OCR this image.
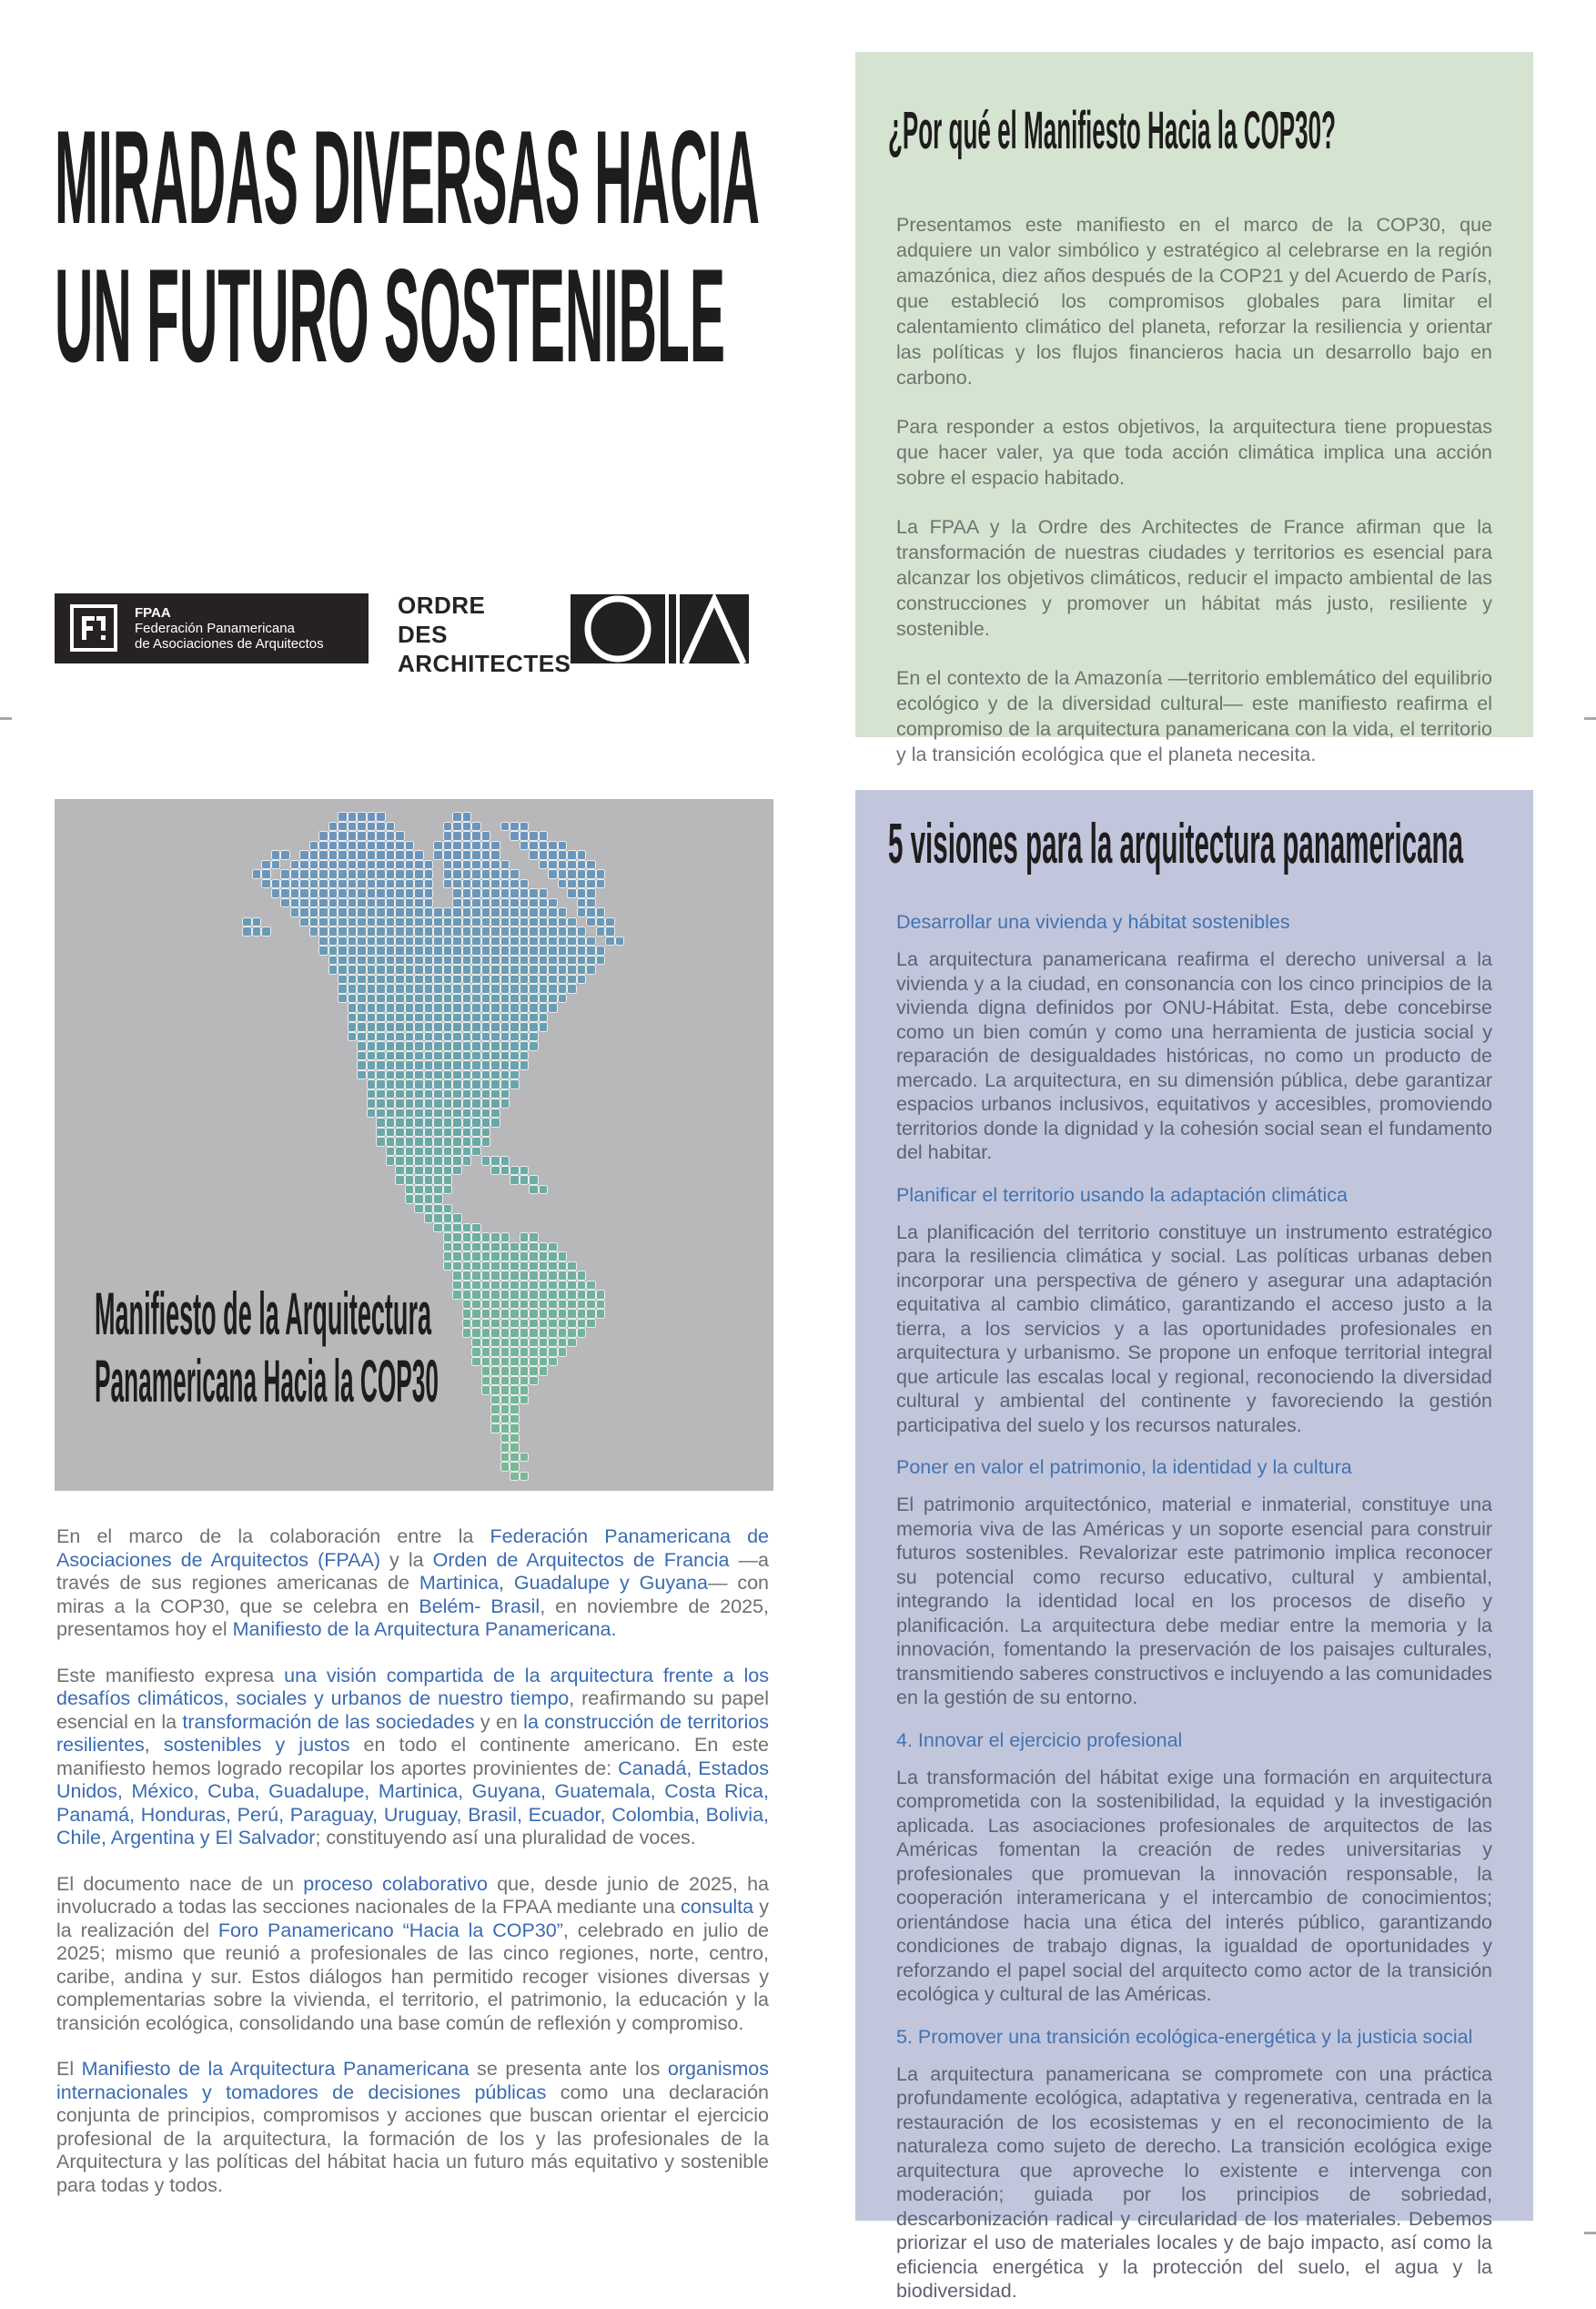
MIRADAS DIVERSAS HACIA
UN FUTURO SOSTENIBLE
FPAA
Federación Panamericana
de Asociaciones de Arquitectos
ORDRE
DES
ARCHITECTES
¿Por qué el Manifiesto Hacia la COP30?

Presentamos este manifiesto en el marco de la COP30, que adquiere un valor simbólico y estratégico al celebrarse en la región amazónica, diez años después de la COP21 y del Acuerdo de París, que estableció los compromisos globales para limitar el calentamiento climático del planeta, reforzar la resiliencia y orientar las políticas y los flujos financieros hacia un desarrollo bajo en carbono.

Para responder a estos objetivos, la arquitectura tiene propuestas que hacer valer, ya que toda acción climática implica una acción sobre el espacio habitado.

La FPAA y la Ordre des Architectes de France afirman que la transformación de nuestras ciudades y territorios es esencial para alcanzar los objetivos climáticos, reducir el impacto ambiental de las construcciones y promover un hábitat más justo, resiliente y sostenible.

En el contexto de la Amazonía —territorio emblemático del equilibrio ecológico y de la diversidad cultural— este manifiesto reafirma el compromiso de la arquitectura panamericana con la vida, el territorio y la transición ecológica que el planeta necesita.

Manifiesto de la Arquitectura
Panamericana Hacia la COP30
5 visiones para la arquitectura panamericana
Desarrollar una vivienda y hábitat sostenibles

La arquitectura panamericana reafirma el derecho universal a la vivienda y a la ciudad, en consonancia con los cinco principios de la vivienda digna definidos por ONU-Hábitat. Esta, debe concebirse como un bien común y como una herramienta de justicia social y reparación de desigualdades históricas, no como un producto de mercado. La arquitectura, en su dimensión pública, debe garantizar espacios urbanos inclusivos, equitativos y accesibles, promoviendo territorios donde la dignidad y la cohesión social sean el fundamento del habitar.

Planificar el territorio usando la adaptación climática

La planificación del territorio constituye un instrumento estratégico para la resiliencia climática y social. Las políticas urbanas deben incorporar una perspectiva de género y asegurar una adaptación equitativa al cambio climático, garantizando el acceso justo a la tierra, a los servicios y a las oportunidades profesionales en arquitectura y urbanismo. Se propone un enfoque territorial integral que articule las escalas local y regional, reconociendo la diversidad cultural y ambiental del continente y favoreciendo la gestión participativa del suelo y los recursos naturales.

Poner en valor el patrimonio, la identidad y la cultura

El patrimonio arquitectónico, material e inmaterial, constituye una memoria viva de las Américas y un soporte esencial para construir futuros sostenibles. Revalorizar este patrimonio implica reconocer su potencial como recurso educativo, cultural y ambiental, integrando la identidad local en los procesos de diseño y planificación. La arquitectura debe mediar entre la memoria y la innovación, fomentando la preservación de los paisajes culturales, transmitiendo saberes constructivos e incluyendo a las comunidades en la gestión de su entorno.

4. Innovar el ejercicio profesional

La transformación del hábitat exige una formación en arquitectura comprometida con la sostenibilidad, la equidad y la investigación aplicada. Las asociaciones profesionales de arquitectos de las Américas fomentan la creación de redes universitarias y profesionales que promuevan la innovación responsable, la cooperación interamericana y el intercambio de conocimientos; orientándose hacia una ética del interés público, garantizando condiciones de trabajo dignas, la igualdad de oportunidades y reforzando el papel social del arquitecto como actor de la transición ecológica y cultural de las Américas.

5. Promover una transición ecológica-energética y la justicia social

La arquitectura panamericana se compromete con una práctica profundamente ecológica, adaptativa y regenerativa, centrada en la restauración de los ecosistemas y en el reconocimiento de la naturaleza como sujeto de derecho. La transición ecológica exige arquitectura que aproveche lo existente e intervenga con moderación; guiada por los principios de sobriedad, descarbonización radical y circularidad de los materiales. Debemos priorizar el uso de materiales locales y de bajo impacto, así como la eficiencia energética y la protección del suelo, el agua y la biodiversidad.

En el marco de la colaboración entre la Federación Panamericana de Asociaciones de Arquitectos (FPAA) y la Orden de Arquitectos de Francia —a través de sus regiones americanas de Martinica, Guadalupe y Guyana— con miras a la COP30, que se celebra en Belém- Brasil, en noviembre de 2025, presentamos hoy el Manifiesto de la Arquitectura Panamericana.

Este manifiesto expresa una visión compartida de la arquitectura frente a los desafíos climáticos, sociales y urbanos de nuestro tiempo, reafirmando su papel esencial en la transformación de las sociedades y en la construcción de territorios resilientes, sostenibles y justos en todo el continente americano. En este manifiesto hemos logrado recopilar los aportes provinientes de: Canadá, Estados Unidos, México, Cuba, Guadalupe, Martinica, Guyana, Guatemala, Costa Rica, Panamá, Honduras, Perú, Paraguay, Uruguay, Brasil, Ecuador, Colombia, Bolivia, Chile, Argentina y El Salvador; constituyendo así una pluralidad de voces.

El documento nace de un proceso colaborativo que, desde junio de 2025, ha involucrado a todas las secciones nacionales de la FPAA mediante una consulta y la realización del Foro Panamericano “Hacia la COP30”, celebrado en julio de 2025; mismo que reunió a profesionales de las cinco regiones, norte, centro, caribe, andina y sur. Estos diálogos han permitido recoger visiones diversas y complementarias sobre la vivienda, el territorio, el patrimonio, la educación y la transición ecológica, consolidando una base común de reflexión y compromiso.

El Manifiesto de la Arquitectura Panamericana se presenta ante los organismos internacionales y tomadores de decisiones públicas como una declaración conjunta de principios, compromisos y acciones que buscan orientar el ejercicio profesional de la arquitectura, la formación de los y las profesionales de la Arquitectura y las políticas del hábitat hacia un futuro más equitativo y sostenible para todas y todos.
